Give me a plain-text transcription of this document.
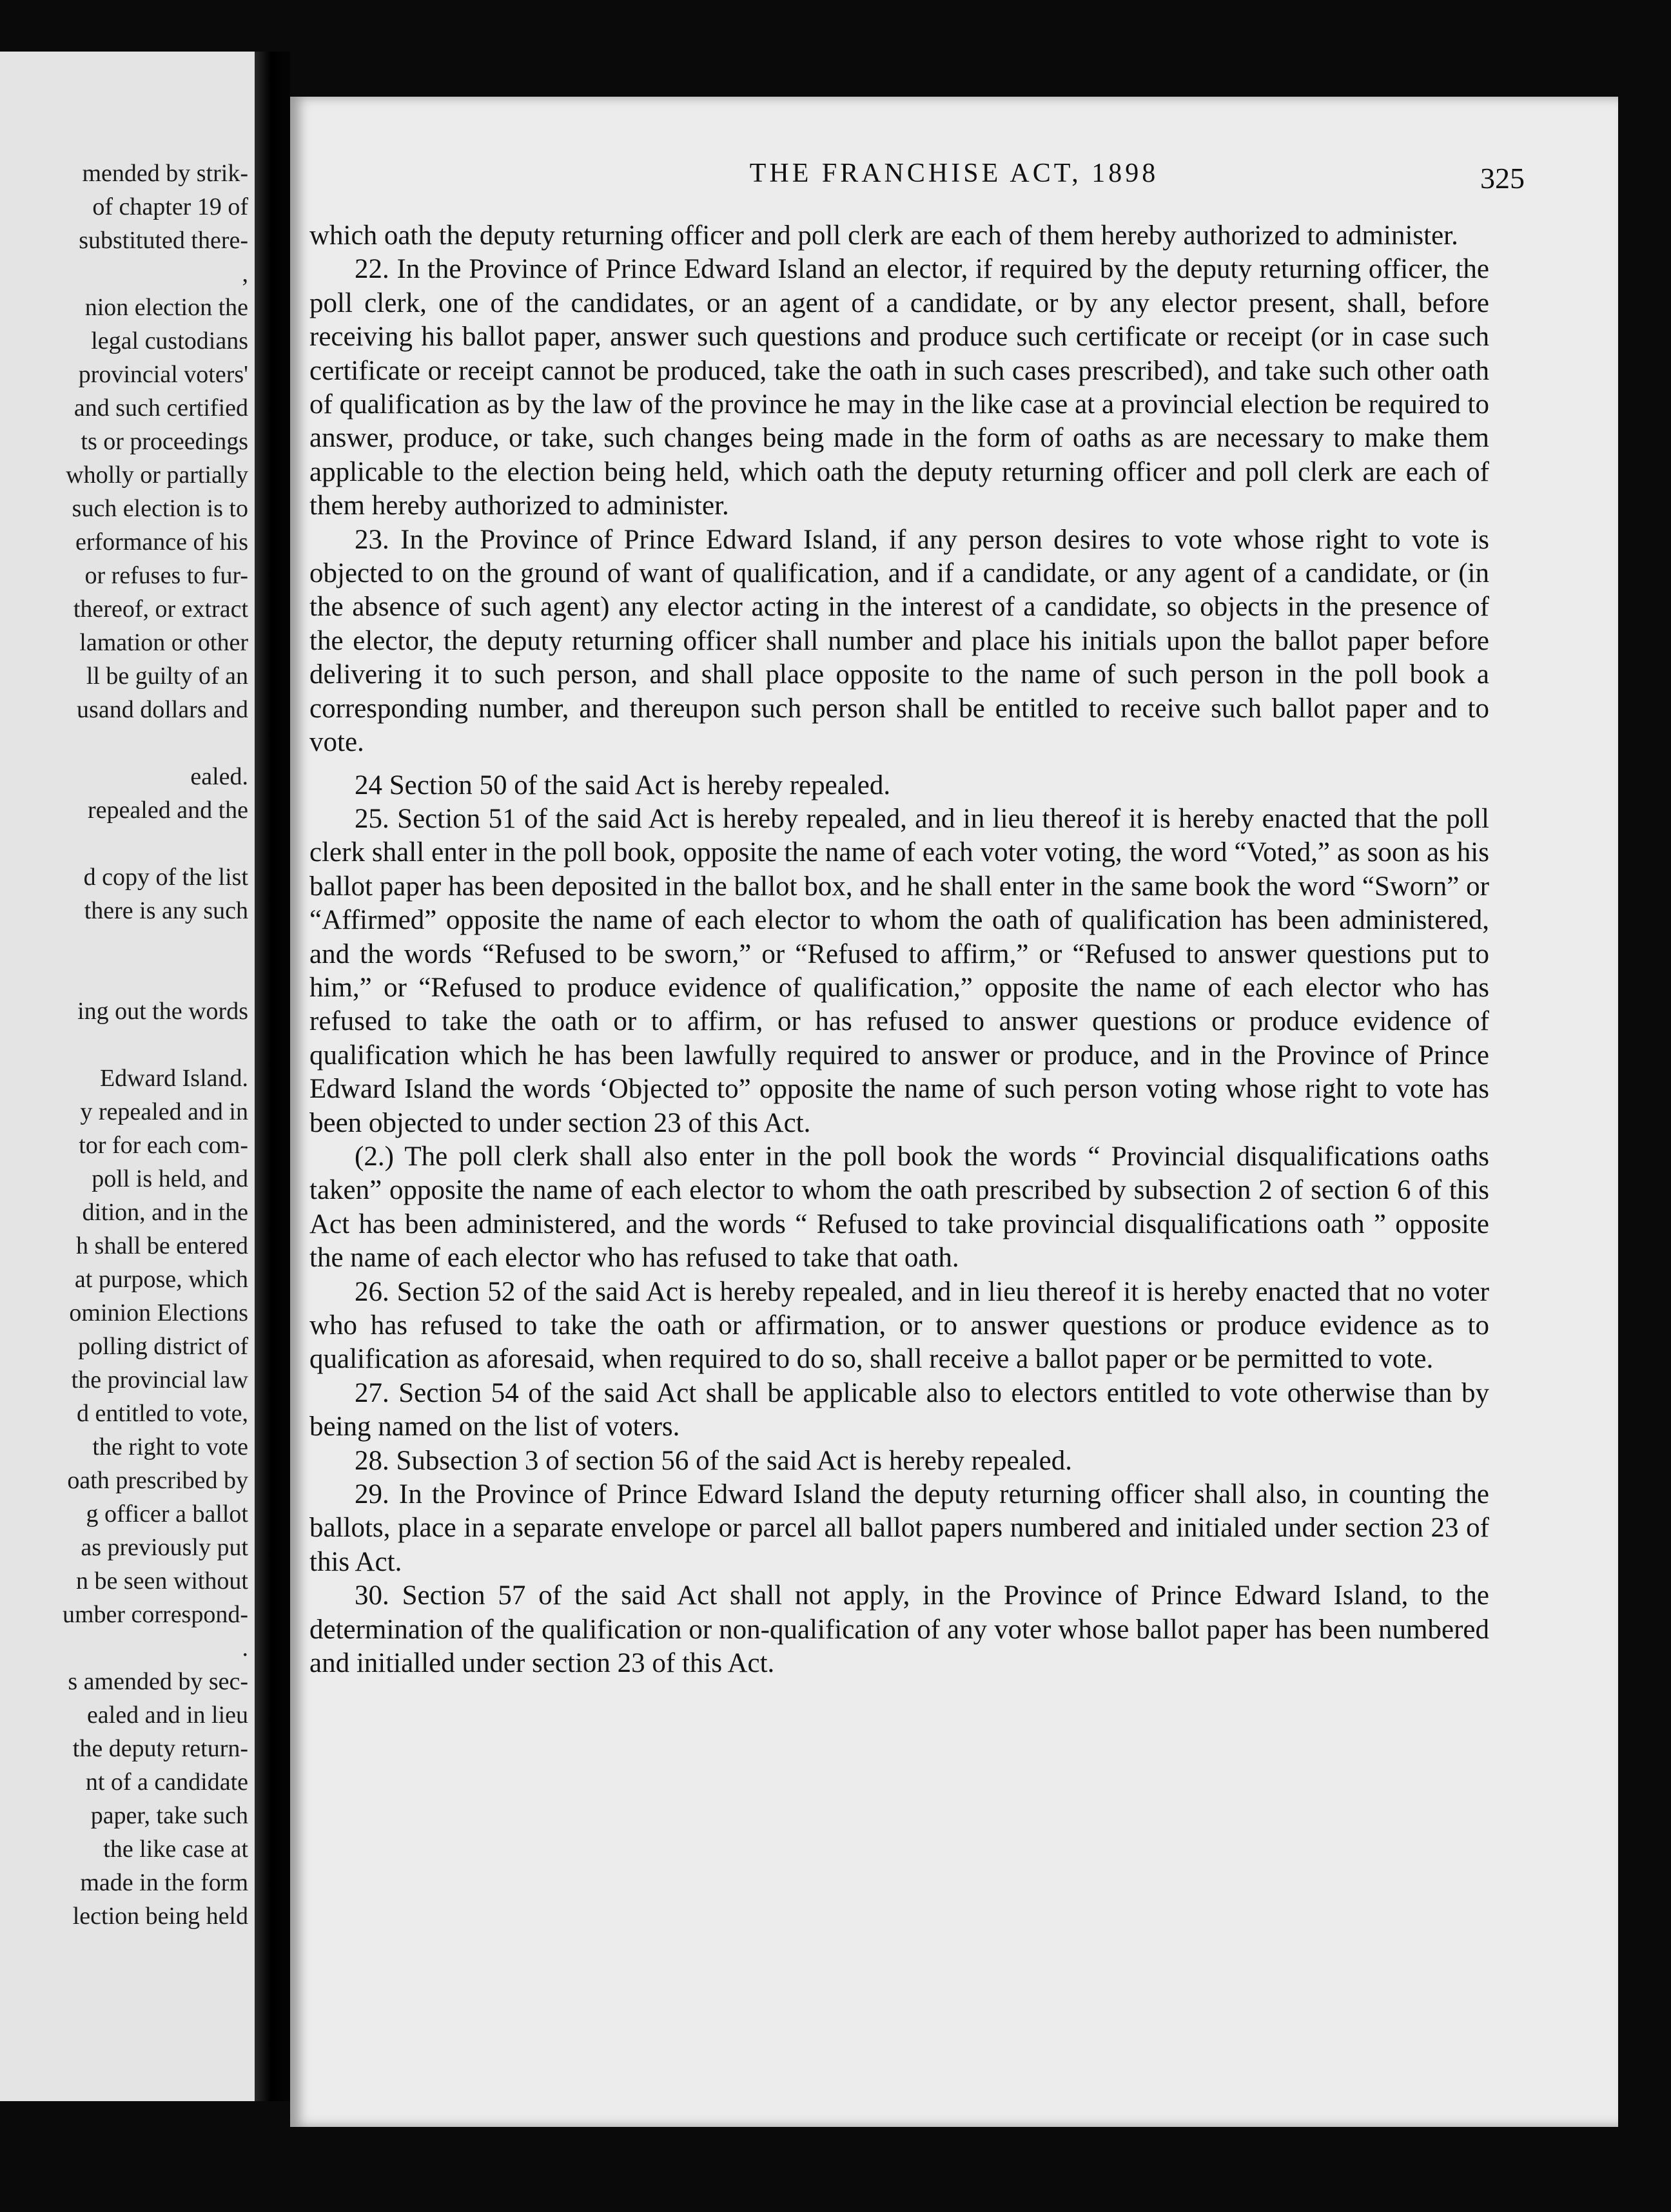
mended by strik-
of chapter 19 of
substituted there-
,
nion election the
legal custodians
provincial voters'
and such certified
ts or proceedings
wholly or partially
such election is to
erformance of his
or refuses to fur-
thereof, or extract
lamation or other
ll be guilty of an
usand dollars and
ealed.
repealed and the
d copy of the list
there is any such
ing out the words
Edward Island.
y repealed and in
tor for each com-
poll is held, and
dition, and in the
h shall be entered
at purpose, which
ominion Elections
polling district of
the provincial law
d entitled to vote,
the right to vote
oath prescribed by
g officer a ballot
as previously put
n be seen without
umber correspond-
.
s amended by sec-
ealed and in lieu
the deputy return-
nt of a candidate
paper, take such
the like case at
made in the form
lection being held
THE FRANCHISE ACT, 1898	325

which oath the deputy returning officer and poll clerk are each of them hereby authorized to administer.

22. In the Province of Prince Edward Island an elector, if required by the deputy returning officer, the poll clerk, one of the candidates, or an agent of a candidate, or by any elector present, shall, before receiving his ballot paper, answer such questions and produce such certificate or receipt (or in case such certificate or receipt cannot be produced, take the oath in such cases prescribed), and take such other oath of qualification as by the law of the province he may in the like case at a provincial election be required to answer, produce, or take, such changes being made in the form of oaths as are necessary to make them applicable to the election being held, which oath the deputy returning officer and poll clerk are each of them hereby authorized to administer.

23. In the Province of Prince Edward Island, if any person desires to vote whose right to vote is objected to on the ground of want of qualification, and if a candidate, or any agent of a candidate, or (in the absence of such agent) any elector acting in the interest of a candidate, so objects in the presence of the elector, the deputy returning officer shall number and place his initials upon the ballot paper before delivering it to such person, and shall place opposite to the name of such person in the poll book a corresponding number, and thereupon such person shall be entitled to receive such ballot paper and to vote.

24 Section 50 of the said Act is hereby repealed.

25. Section 51 of the said Act is hereby repealed, and in lieu thereof it is hereby enacted that the poll clerk shall enter in the poll book, opposite the name of each voter voting, the word “Voted,” as soon as his ballot paper has been deposited in the ballot box, and he shall enter in the same book the word “Sworn” or “Affirmed” opposite the name of each elector to whom the oath of qualification has been administered, and the words “Refused to be sworn,” or “Refused to affirm,” or “Refused to answer questions put to him,” or “Refused to produce evidence of qualification,” opposite the name of each elector who has refused to take the oath or to affirm, or has refused to answer questions or produce evidence of qualification which he has been lawfully required to answer or produce, and in the Province of Prince Edward Island the words ‘Objected to” opposite the name of such person voting whose right to vote has been objected to under section 23 of this Act.

(2.) The poll clerk shall also enter in the poll book the words “ Provincial disqualifications oaths taken” opposite the name of each elector to whom the oath prescribed by subsection 2 of section 6 of this Act has been administered, and the words “ Refused to take provincial disqualifications oath ” opposite the name of each elector who has refused to take that oath.

26. Section 52 of the said Act is hereby repealed, and in lieu thereof it is hereby enacted that no voter who has refused to take the oath or affirmation, or to answer questions or produce evidence as to qualification as aforesaid, when required to do so, shall receive a ballot paper or be permitted to vote.

27. Section 54 of the said Act shall be applicable also to electors entitled to vote otherwise than by being named on the list of voters.

28. Subsection 3 of section 56 of the said Act is hereby repealed.

29. In the Province of Prince Edward Island the deputy returning officer shall also, in counting the ballots, place in a separate envelope or parcel all ballot papers numbered and initialed under section 23 of this Act.

30. Section 57 of the said Act shall not apply, in the Province of Prince Edward Island, to the determination of the qualification or non-qualification of any voter whose ballot paper has been numbered and initialled under section 23 of this Act.
